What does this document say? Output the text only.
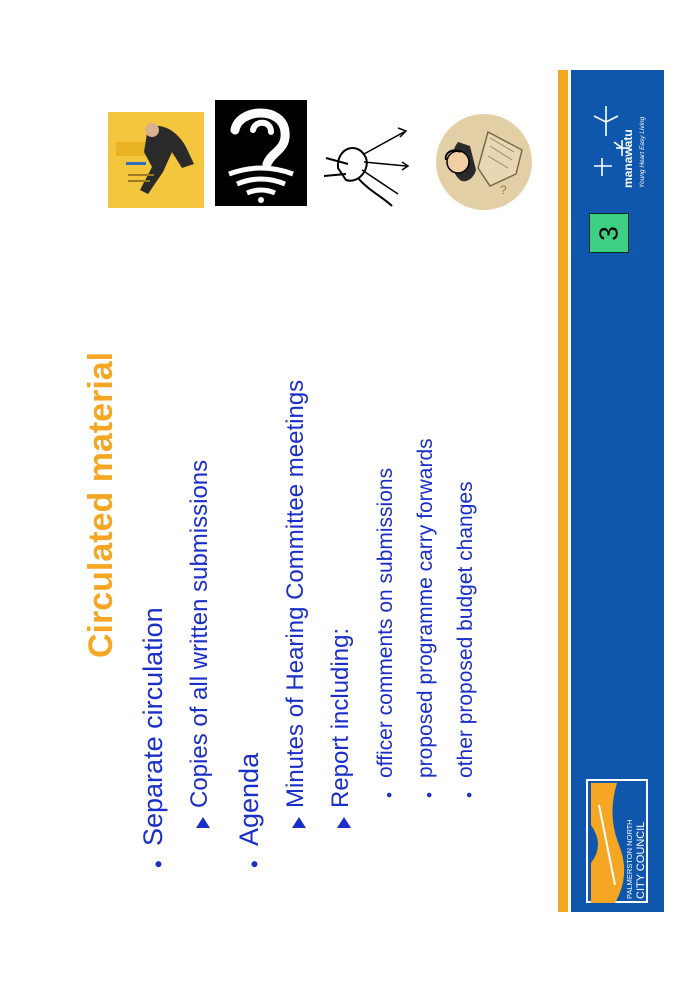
?
Circulated material
•
Separate circulation Copies of all written submissions
•
Agenda Minutes of Hearing Committee meetings Report including: •
officer comments on submissions
•
proposed programme carry forwards
•
other proposed budget changes
3
manawatu Young Heart Easy Living
PALMERSTON NORTH CITY COUNCIL
